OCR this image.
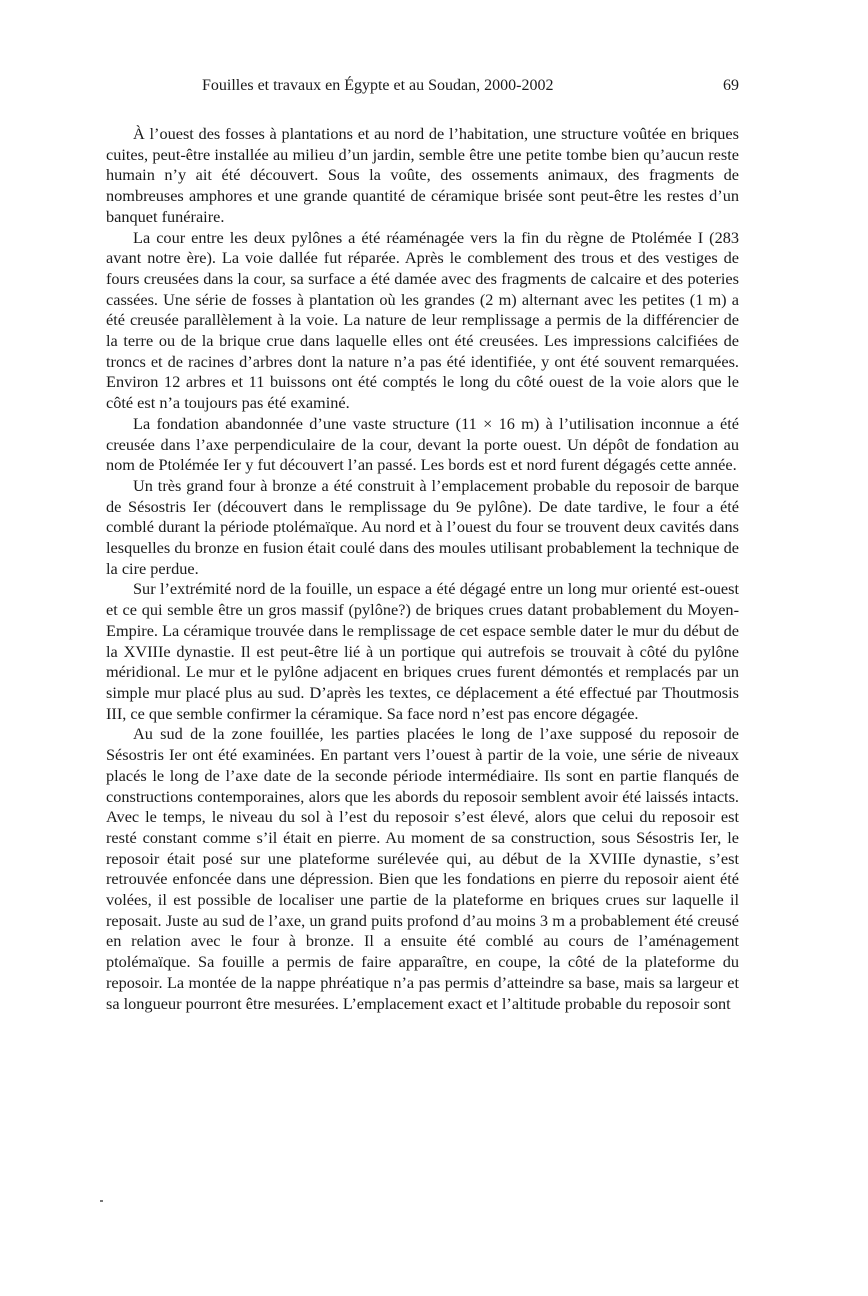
Fouilles et travaux en Égypte et au Soudan, 2000-2002	69

À l’ouest des fosses à plantations et au nord de l’habitation, une structure voûtée en briques cuites, peut-être installée au milieu d’un jardin, semble être une petite tombe bien qu’aucun reste humain n’y ait été découvert. Sous la voûte, des ossements animaux, des fragments de nombreuses amphores et une grande quantité de céramique brisée sont peut-être les restes d’un banquet funéraire.

La cour entre les deux pylônes a été réaménagée vers la fin du règne de Ptolémée I (283 avant notre ère). La voie dallée fut réparée. Après le comblement des trous et des vestiges de fours creusées dans la cour, sa surface a été damée avec des fragments de calcaire et des poteries cassées. Une série de fosses à plantation où les grandes (2 m) alternant avec les petites (1 m) a été creusée parallèlement à la voie. La nature de leur remplissage a permis de la différencier de la terre ou de la brique crue dans laquelle elles ont été creusées. Les impressions calcifiées de troncs et de racines d’arbres dont la nature n’a pas été identifiée, y ont été souvent remarquées. Environ 12 arbres et 11 buissons ont été comptés le long du côté ouest de la voie alors que le côté est n’a toujours pas été examiné.

La fondation abandonnée d’une vaste structure (11 × 16 m) à l’utilisation inconnue a été creusée dans l’axe perpendiculaire de la cour, devant la porte ouest. Un dépôt de fondation au nom de Ptolémée Ier y fut découvert l’an passé. Les bords est et nord furent dégagés cette année.

Un très grand four à bronze a été construit à l’emplacement probable du reposoir de barque de Sésostris Ier (découvert dans le remplissage du 9e pylône). De date tardive, le four a été comblé durant la période ptolémaïque. Au nord et à l’ouest du four se trouvent deux cavités dans lesquelles du bronze en fusion était coulé dans des moules utilisant probablement la technique de la cire perdue.

Sur l’extrémité nord de la fouille, un espace a été dégagé entre un long mur orienté est-ouest et ce qui semble être un gros massif (pylône?) de briques crues datant probablement du Moyen-Empire. La céramique trouvée dans le remplissage de cet espace semble dater le mur du début de la XVIIIe dynastie. Il est peut-être lié à un portique qui autrefois se trouvait à côté du pylône méridional. Le mur et le pylône adjacent en briques crues furent démontés et remplacés par un simple mur placé plus au sud. D’après les textes, ce déplacement a été effectué par Thoutmosis III, ce que semble confirmer la céramique. Sa face nord n’est pas encore dégagée.

Au sud de la zone fouillée, les parties placées le long de l’axe supposé du reposoir de Sésostris Ier ont été examinées. En partant vers l’ouest à partir de la voie, une série de niveaux placés le long de l’axe date de la seconde période intermédiaire. Ils sont en partie flanqués de constructions contemporaines, alors que les abords du reposoir semblent avoir été laissés intacts. Avec le temps, le niveau du sol à l’est du reposoir s’est élevé, alors que celui du reposoir est resté constant comme s’il était en pierre. Au moment de sa construction, sous Sésostris Ier, le reposoir était posé sur une plateforme surélevée qui, au début de la XVIIIe dynastie, s’est retrouvée enfoncée dans une dépression. Bien que les fondations en pierre du reposoir aient été volées, il est possible de localiser une partie de la plateforme en briques crues sur laquelle il reposait. Juste au sud de l’axe, un grand puits profond d’au moins 3 m a probablement été creusé en relation avec le four à bronze. Il a ensuite été comblé au cours de l’aménagement ptolémaïque. Sa fouille a permis de faire apparaître, en coupe, la côté de la plateforme du reposoir. La montée de la nappe phréatique n’a pas permis d’atteindre sa base, mais sa largeur et sa longueur pourront être mesurées. L’emplacement exact et l’altitude probable du reposoir sont
